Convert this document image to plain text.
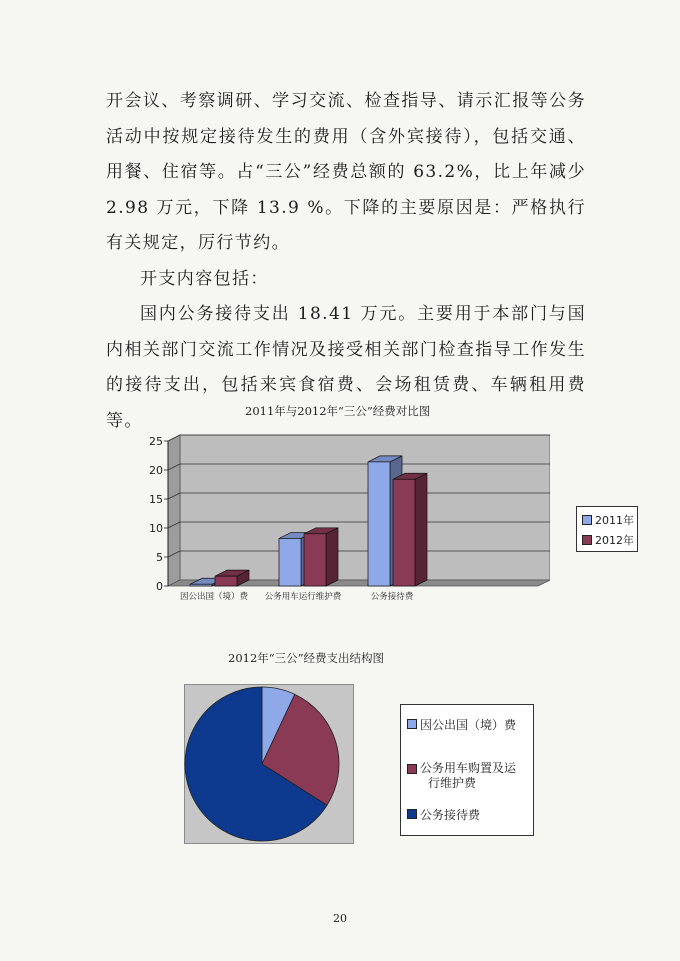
开会议、考察调研、学习交流、检查指导、请示汇报等公务活动中按规定接待发生的费用（含外宾接待），包括交通、用餐、住宿等。占“三公”经费总额的 63.2%，比上年减少 2.98 万元，下降 13.9 %。下降的主要原因是：严格执行有关规定，厉行节约。

开支内容包括：

国内公务接待支出 18.41 万元。主要用于本部门与国内相关部门交流工作情况及接受相关部门检查指导工作发生的接待支出，包括来宾食宿费、会场租赁费、车辆租用费等。	2011年与2012年“三公”经费对比图
0
5
10
15
20
25
因公出国（境）费 公务用车运行维护费	公务接待费
2011年
2012年
2012年“三公”经费支出结构图
因公出国（境）费
公务用车购置及运
行维护费
公务接待费
20
